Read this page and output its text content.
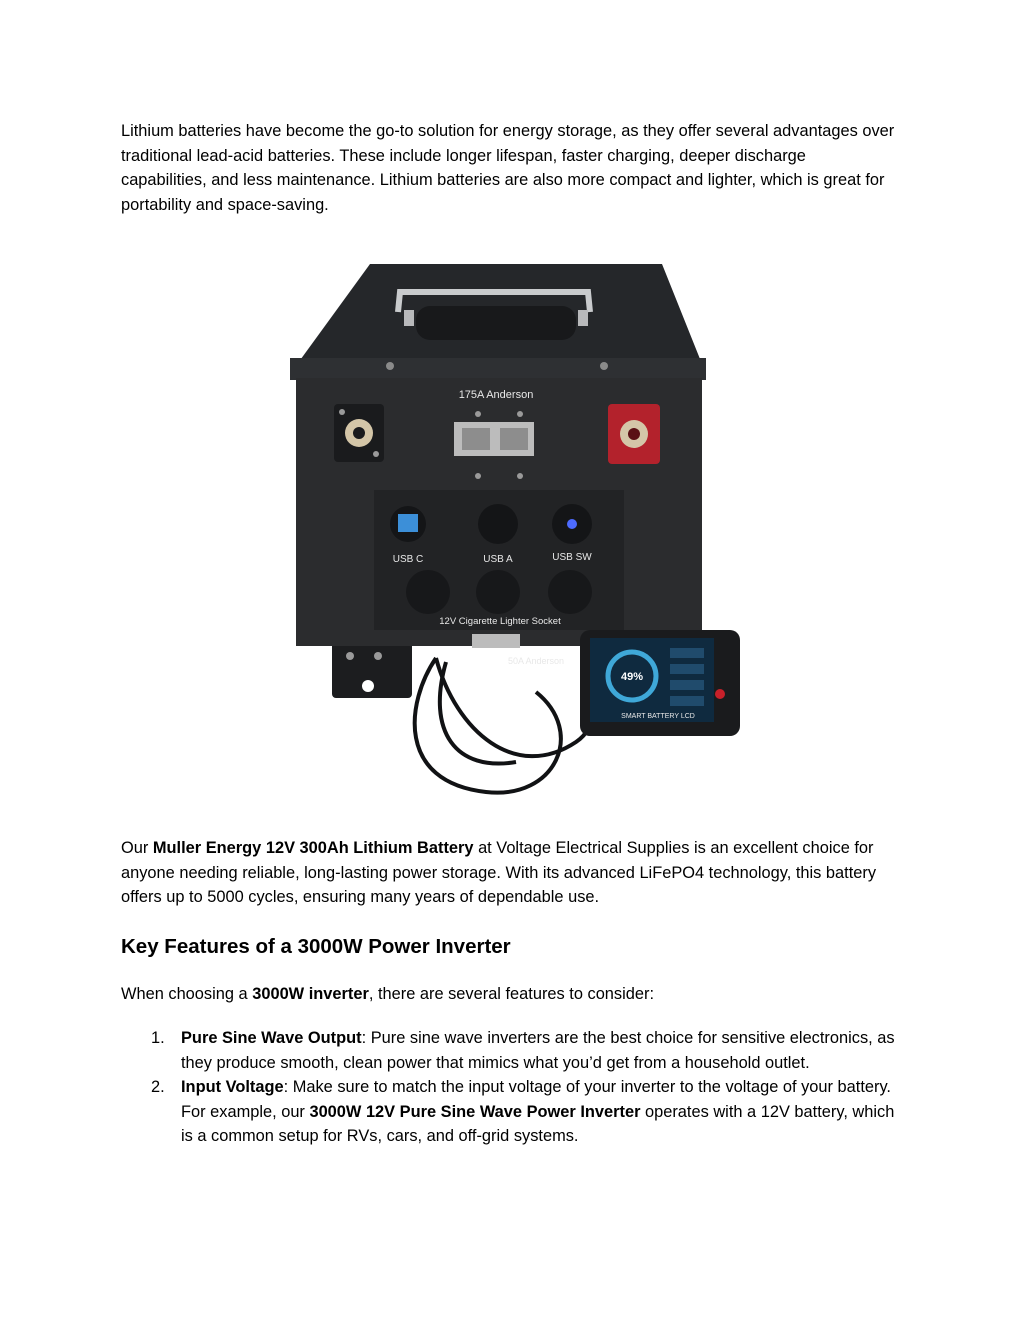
Lithium batteries have become the go-to solution for energy storage, as they offer several advantages over traditional lead-acid batteries. These include longer lifespan, faster charging, deeper discharge capabilities, and less maintenance. Lithium batteries are also more compact and lighter, which is great for portability and space-saving.

175A Anderson
USB C	USB A	USB SW
12V Cigarette Lighter Socket
50A Anderson
49%
SMART BATTERY LCD

Our Muller Energy 12V 300Ah Lithium Battery at Voltage Electrical Supplies is an excellent choice for anyone needing reliable, long-lasting power storage. With its advanced LiFePO4 technology, this battery offers up to 5000 cycles, ensuring many years of dependable use.

Key Features of a 3000W Power Inverter

When choosing a 3000W inverter, there are several features to consider:

1. Pure Sine Wave Output: Pure sine wave inverters are the best choice for sensitive electronics, as they produce smooth, clean power that mimics what you’d get from a household outlet.
2. Input Voltage: Make sure to match the input voltage of your inverter to the voltage of your battery. For example, our 3000W 12V Pure Sine Wave Power Inverter operates with a 12V battery, which is a common setup for RVs, cars, and off-grid systems.
